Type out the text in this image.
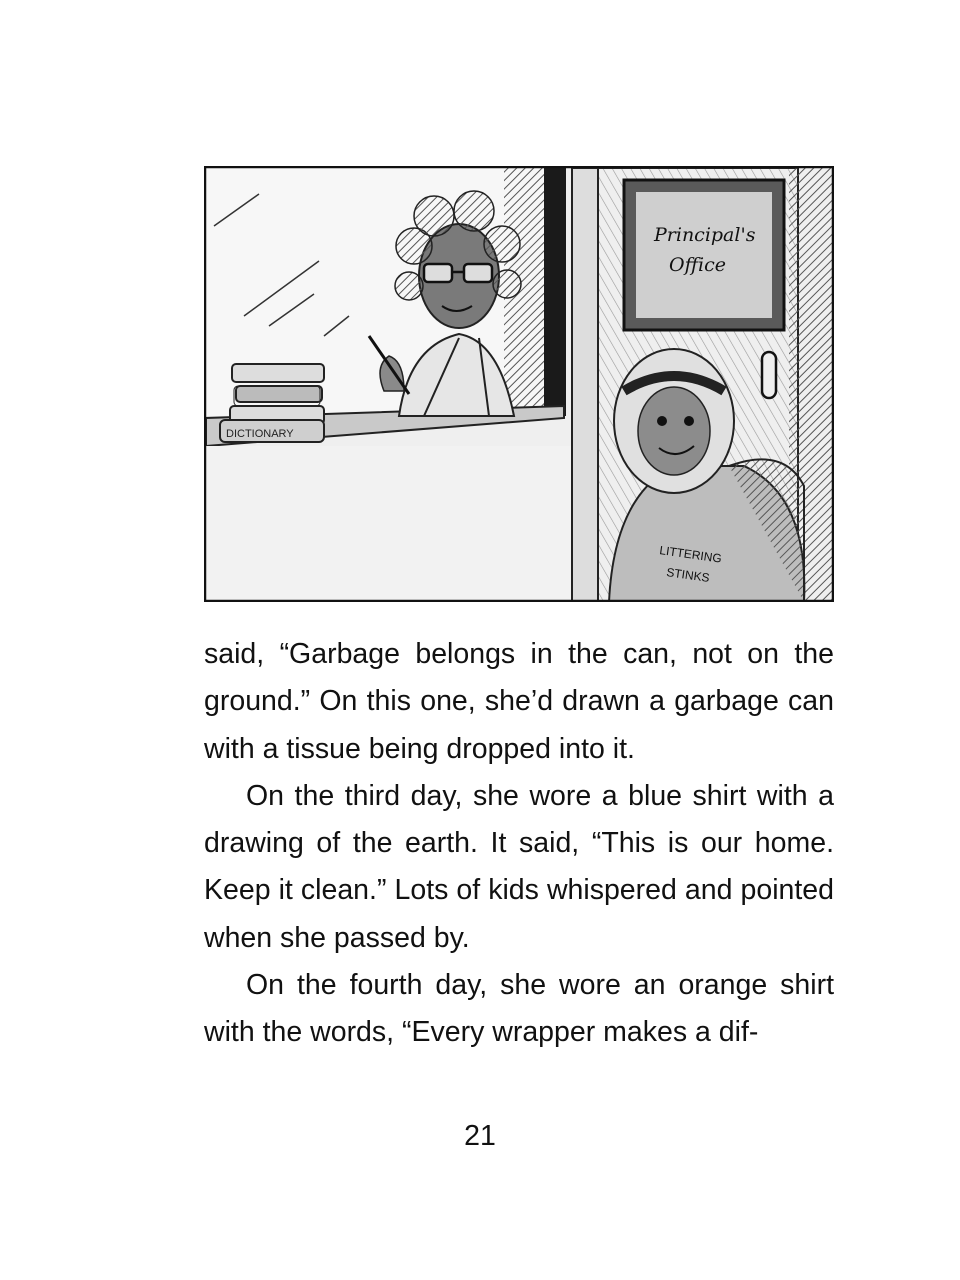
DICTIONARY
Principal's
Office
LITTERING
STINKS

said, “Garbage belongs in the can, not on the ground.” On this one, she’d drawn a garbage can with a tissue being dropped into it.

On the third day, she wore a blue shirt with a drawing of the earth. It said, “This is our home. Keep it clean.” Lots of kids whispered and pointed when she passed by.

On the fourth day, she wore an orange shirt with the words, “Every wrapper makes a dif-

21
